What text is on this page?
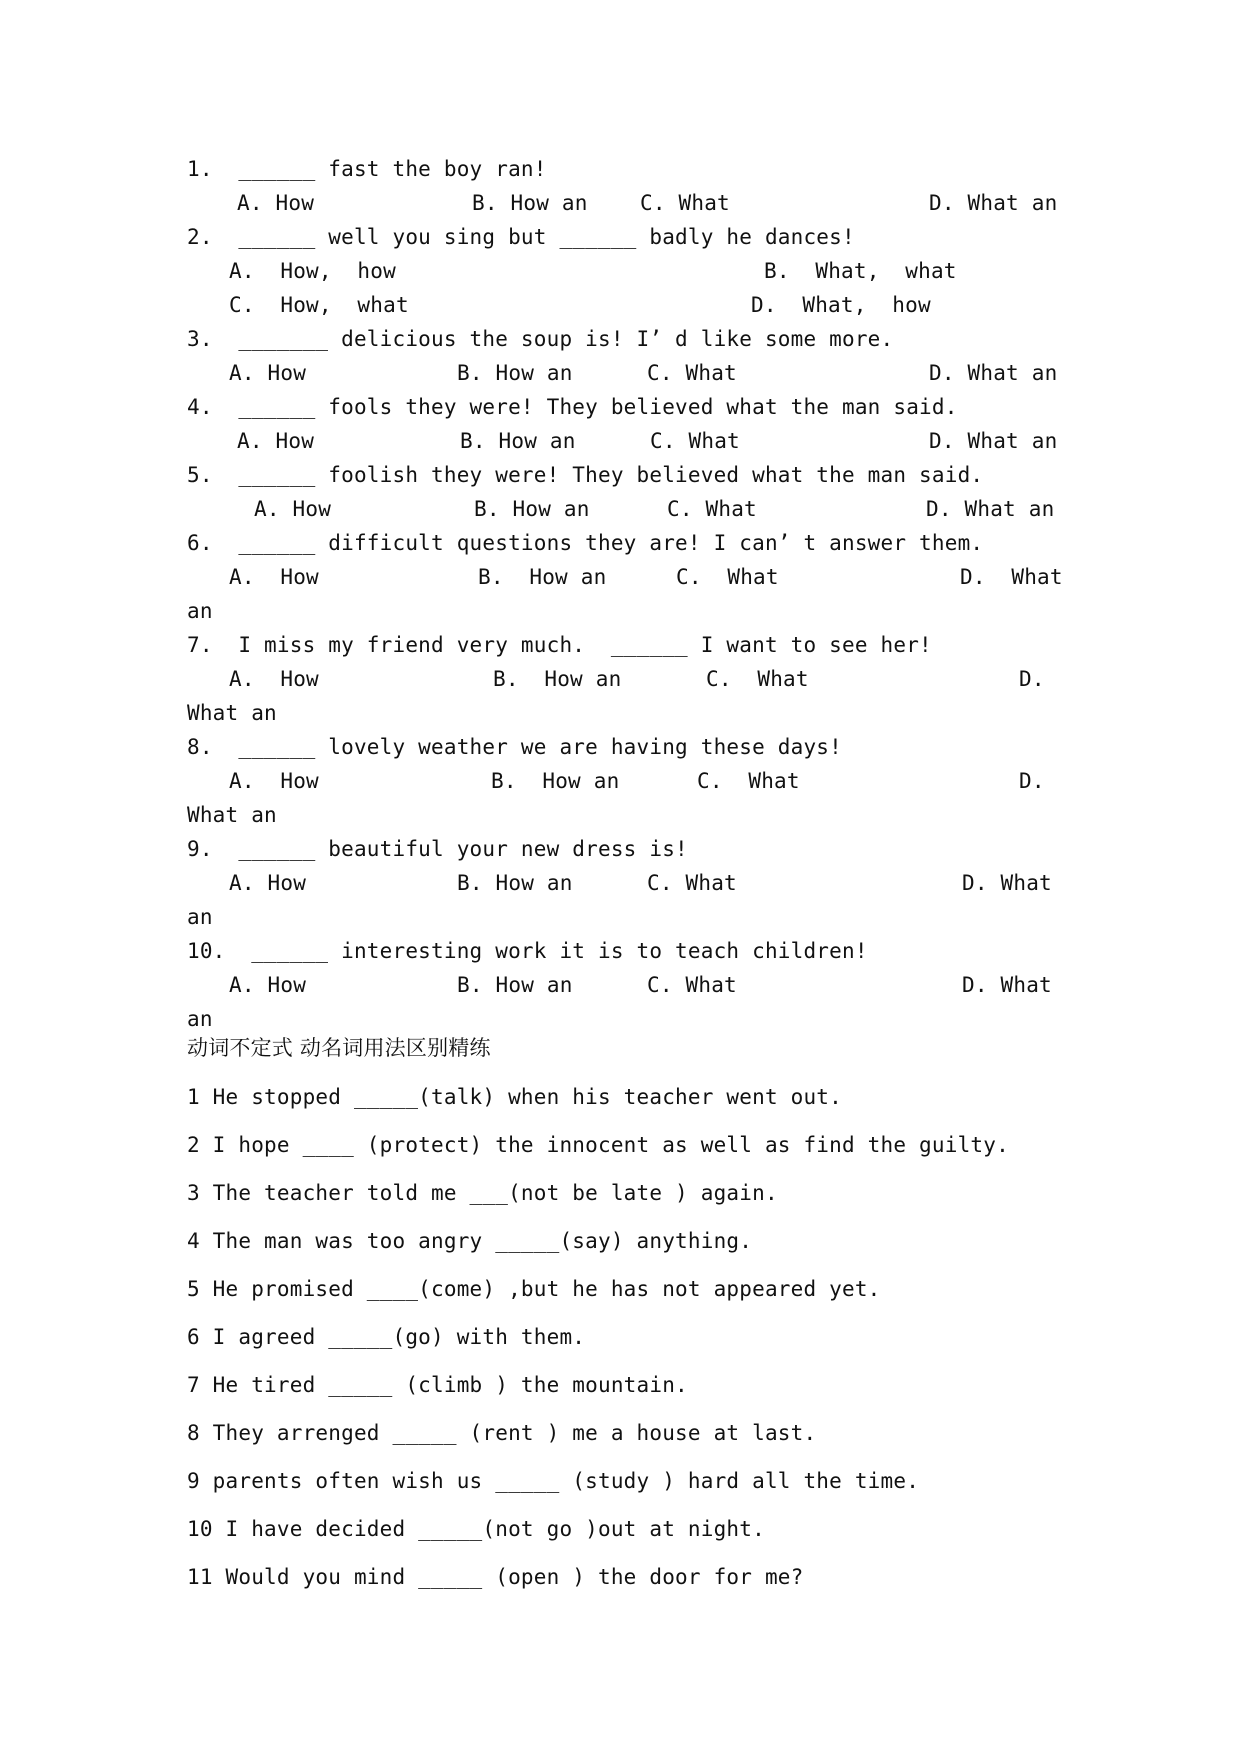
1.  ______ fast the boy ran!
A. How	B. How an C. What	D. What an
2.  ______ well you sing but ______ badly he dances!
A.  How,  how	B.  What,  what
C.  How,  what	D.  What,  how
3.  _______ delicious the soup is! I’ d like some more.
A. How	B. How an	C. What	D. What an
4.  ______ fools they were! They believed what the man said.
A. How	B. How an	C. What	D. What an
5.  ______ foolish they were! They believed what the man said.
A. How	B. How an	C. What	D. What an
6.  ______ difficult questions they are! I can’ t answer them.
A.  How	B.  How an	C.  What	D.  What
an
7.  I miss my friend very much.  ______ I want to see her!
A.  How	B.  How an	C.  What	D.
What an
8.  ______ lovely weather we are having these days!
A.  How	B.  How an	C.  What	D.
What an
9.  ______ beautiful your new dress is!
A. How	B. How an	C. What	D. What
an
10.  ______ interesting work it is to teach children!
A. How	B. How an	C. What	D. What
an
动词不定式 动名词用法区别精练
1 He stopped _____(talk) when his teacher went out.
2 I hope ____ (protect) the innocent as well as find the guilty.
3 The teacher told me ___(not be late ) again.
4 The man was too angry _____(say) anything.
5 He promised ____(come) ,but he has not appeared yet.
6 I agreed _____(go) with them.
7 He tired _____ (climb ) the mountain.
8 They arrenged _____ (rent ) me a house at last.
9 parents often wish us _____ (study ) hard all the time.
10 I have decided _____(not go )out at night.
11 Would you mind _____ (open ) the door for me?
